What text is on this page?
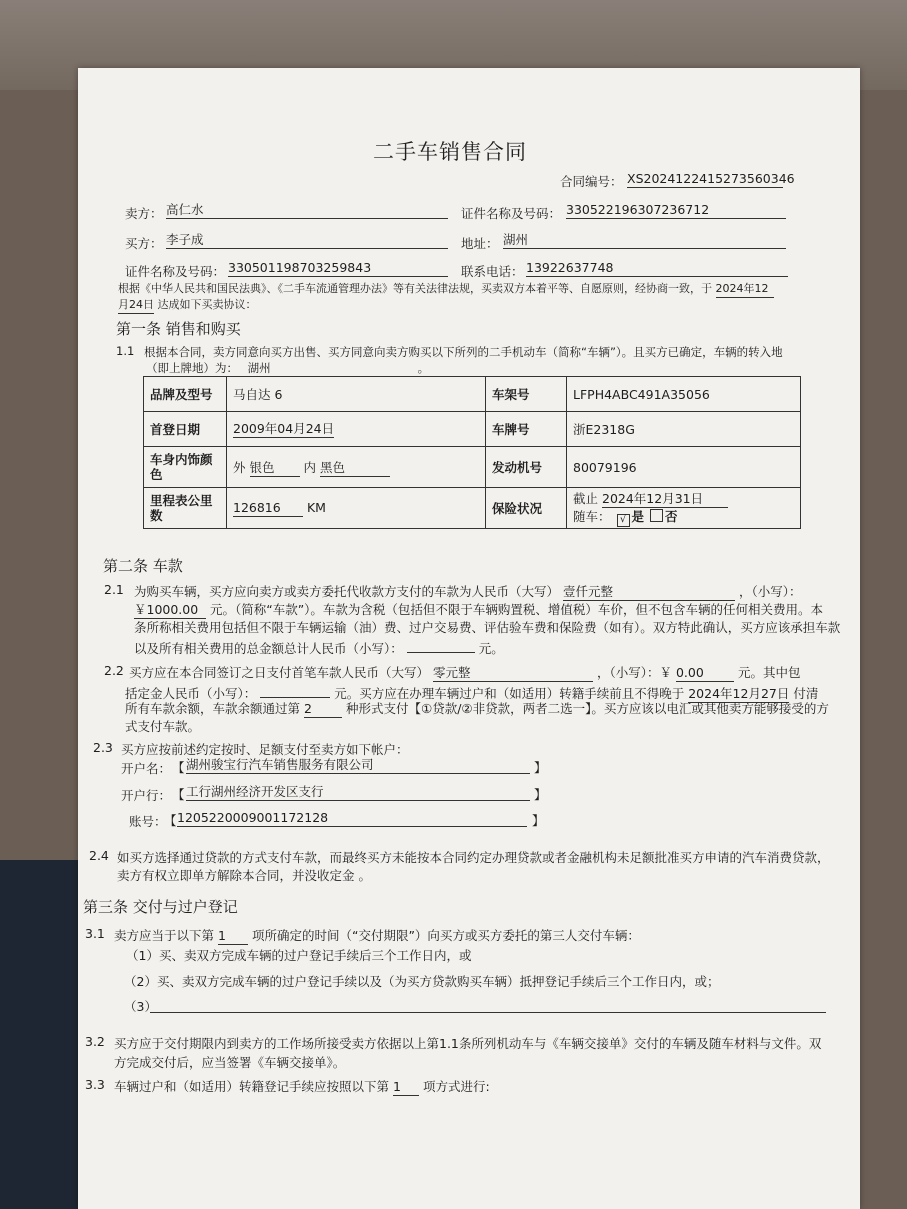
二手车销售合同
合同编号： XS2024122415273560346
卖方： 高仁水	证件名称及号码： 330522196307236712
买方： 李子成	地址： 湖州
证件名称及号码： 330501198703259843	联系电话： 13922637748
根据《中华人民共和国民法典》、《二手车流通管理办法》等有关法律法规，买卖双方本着平等、自愿原则，经协商一致，于 2024年12
月24日 达成如下买卖协议：
第一条 销售和购买
1.1 根据本合同，卖方同意向买方出售、买方同意向卖方购买以下所列的二手机动车（简称“车辆”）。且买方已确定，车辆的转入地
（即上牌地）为： 湖州	。
品牌及型号	马自达 6	车架号	LFPH4ABC491A35056
首登日期	2009年04月24日	车牌号	浙E2318G
车身内饰颜
色	外 银色 内 黑色	发动机号	80079196
里程表公里
数	126816 KM	保险状况	截止 2024年12月31日
随车： √ 是 否
第二条 车款
2.1 为购买车辆，买方应向卖方或卖方委托代收款方支付的车款为人民币（大写） 壹仟元整	，（小写）：
￥1000.00 元。（简称“车款”）。车款为含税（包括但不限于车辆购置税、增值税）车价，但不包含车辆的任何相关费用。本
条所称相关费用包括但不限于车辆运输（油）费、过户交易费、评估验车费和保险费（如有）。双方特此确认，买方应该承担车款
以及所有相关费用的总金额总计人民币（小写）：	元。
2.2 买方应在本合同签订之日支付首笔车款人民币（大写） 零元整	，（小写）：￥ 0.00	元。其中包
括定金人民币（小写）：	元。买方应在办理车辆过户和（如适用）转籍手续前且不得晚于 2024年12月27日 付清
所有车款余额，车款余额通过第 2	种形式支付【①贷款/②非贷款，两者二选一】。买方应该以电汇或其他卖方能够接受的方
式支付车款。
2.3 买方应按前述约定按时、足额支付至卖方如下帐户：
开户名： 【 湖州骏宝行汽车销售服务有限公司	】
开户行： 【 工行湖州经济开发区支行	】
账号：
【 1205220009001172128	】
2.4 如买方选择通过贷款的方式支付车款，而最终买方未能按本合同约定办理贷款或者金融机构未足额批准买方申请的汽车消费贷款，
卖方有权立即单方解除本合同，并没收定金 。
第三条 交付与过户登记
3.1 卖方应当于以下第 1 项所确定的时间（“交付期限”）向买方或买方委托的第三人交付车辆：
（1）买、卖双方完成车辆的过户登记手续后三个工作日内，或
（2）买、卖双方完成车辆的过户登记手续以及（为买方贷款购买车辆）抵押登记手续后三个工作日内，或；
（3）
3.2 买方应于交付期限内到卖方的工作场所接受卖方依据以上第1.1条所列机动车与《车辆交接单》交付的车辆及随车材料与文件。双
方完成交付后，应当签署《车辆交接单》。
3.3 车辆过户和（如适用）转籍登记手续应按照以下第 1 项方式进行:
